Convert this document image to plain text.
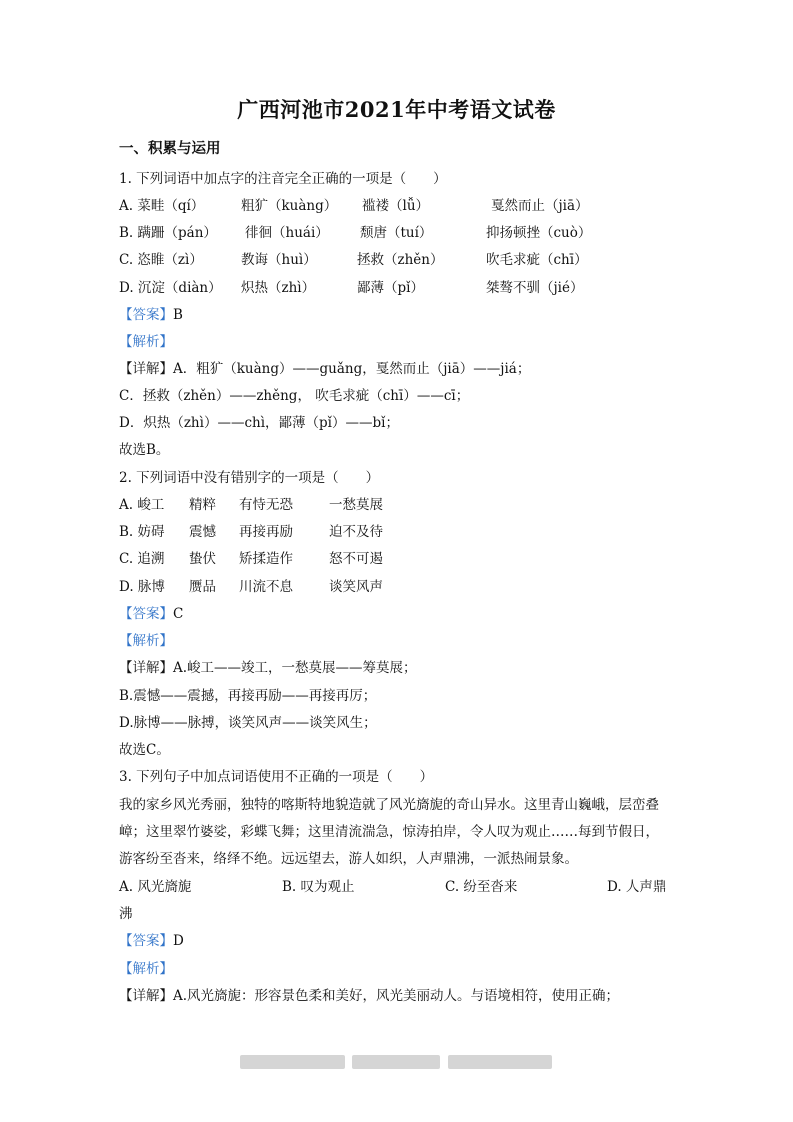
广西河池市2021年中考语文试卷
一、积累与运用
1. 下列词语中加点字的注音完全正确的一项是（　　）
A. 菜畦（qí）	粗犷（kuàng） 褴褛（lǚ）	戛然而止（jiā）
B. 蹒跚（pán） 徘徊（huái） 颓唐（tuí）	抑扬顿挫（cuò）
C. 恣睢（zì）	教诲（huì）	拯救（zhěn）	吹毛求疵（chī）
D. 沉淀（diàn） 炽热（zhì）	鄙薄（pǐ）	桀骜不驯（jié）
【答案】B
【解析】
【详解】A．粗犷（kuàng）——guǎng，戛然而止（jiā）——jiá；
C．拯救（zhěn）——zhěng， 吹毛求疵（chī）——cī；
D．炽热（zhì）——chì，鄙薄（pǐ）——bǐ；
故选B。
2. 下列词语中没有错别字的一项是（　　）
A. 峻工 精粹 有恃无恐	一愁莫展
B. 妨碍 震憾 再接再励	迫不及待
C. 追溯 蛰伏 矫揉造作	怒不可遏
D. 脉博 赝品 川流不息	谈笑风声
【答案】C
【解析】
【详解】A.峻工——竣工，一愁莫展——筹莫展；
B.震憾——震撼，再接再励——再接再厉；
D.脉博——脉搏，谈笑风声——谈笑风生；
故选C。
3. 下列句子中加点词语使用不正确的一项是（　　）
我的家乡风光秀丽，独特的喀斯特地貌造就了风光旖旎的奇山异水。这里青山巍峨，层峦叠
嶂；这里翠竹婆娑，彩蝶飞舞；这里清流湍急，惊涛拍岸，令人叹为观止……每到节假日，
游客纷至沓来，络绎不绝。远远望去，游人如织，人声鼎沸，一派热闹景象。
A. 风光旖旎	B. 叹为观止	C. 纷至沓来	D. 人声鼎
沸
【答案】D
【解析】
【详解】A.风光旖旎：形容景色柔和美好，风光美丽动人。与语境相符，使用正确；
